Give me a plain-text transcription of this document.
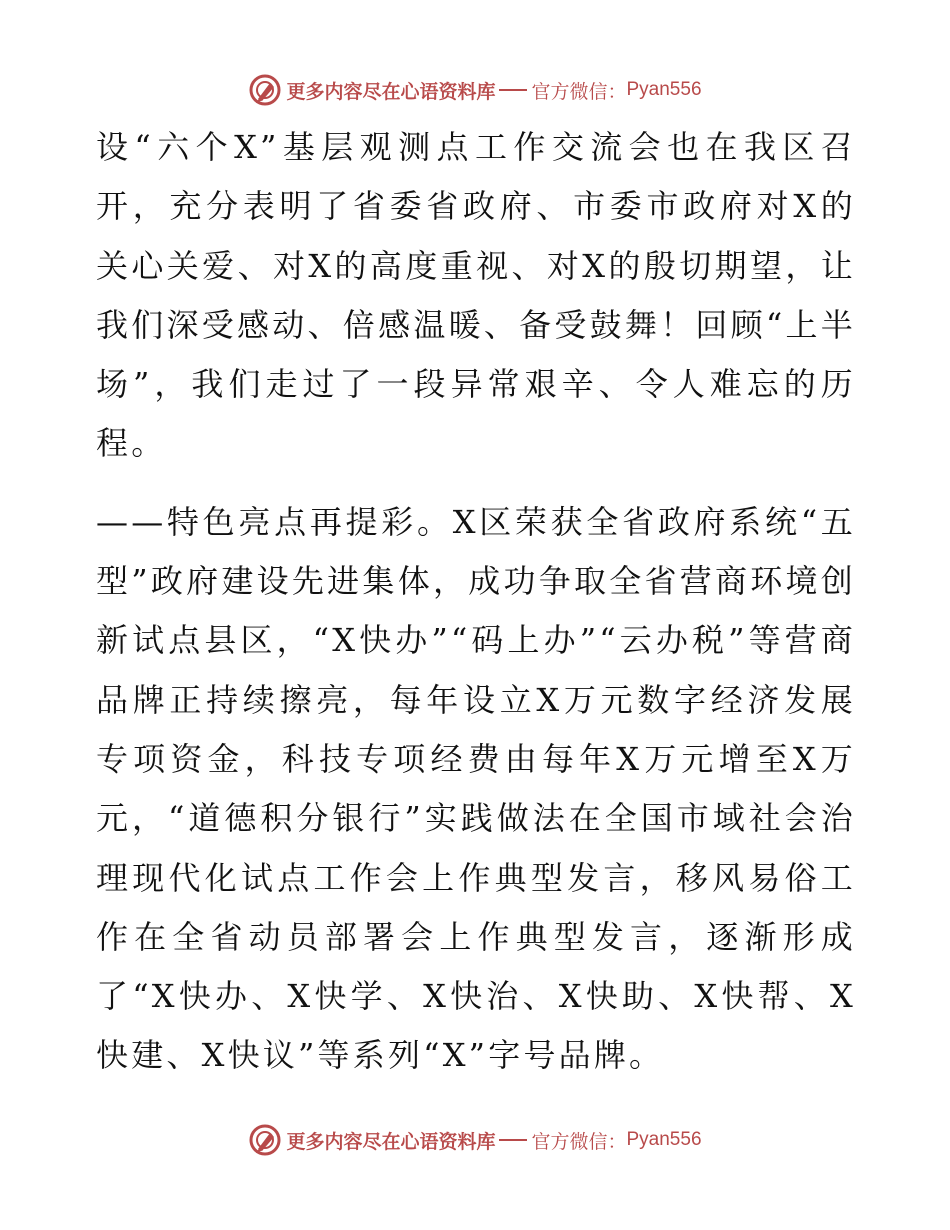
更多内容尽在心语资料库 官方微信： Pyan556

设“六个X”基层观测点工作交流会也在我区召开，充分表明了省委省政府、市委市政府对X的关心关爱、对X的高度重视、对X的殷切期望，让我们深受感动、倍感温暖、备受鼓舞！回顾“上半场”，我们走过了一段异常艰辛、令人难忘的历程。

——特色亮点再提彩。X区荣获全省政府系统“五型”政府建设先进集体，成功争取全省营商环境创新试点县区，“X快办”“码上办”“云办税”等营商品牌正持续擦亮，每年设立X万元数字经济发展专项资金，科技专项经费由每年X万元增至X万元，“道德积分银行”实践做法在全国市域社会治理现代化试点工作会上作典型发言，移风易俗工作在全省动员部署会上作典型发言，逐渐形成了“X快办、X快学、X快治、X快助、X快帮、X快建、X快议”等系列“X”字号品牌。

更多内容尽在心语资料库 官方微信： Pyan556
